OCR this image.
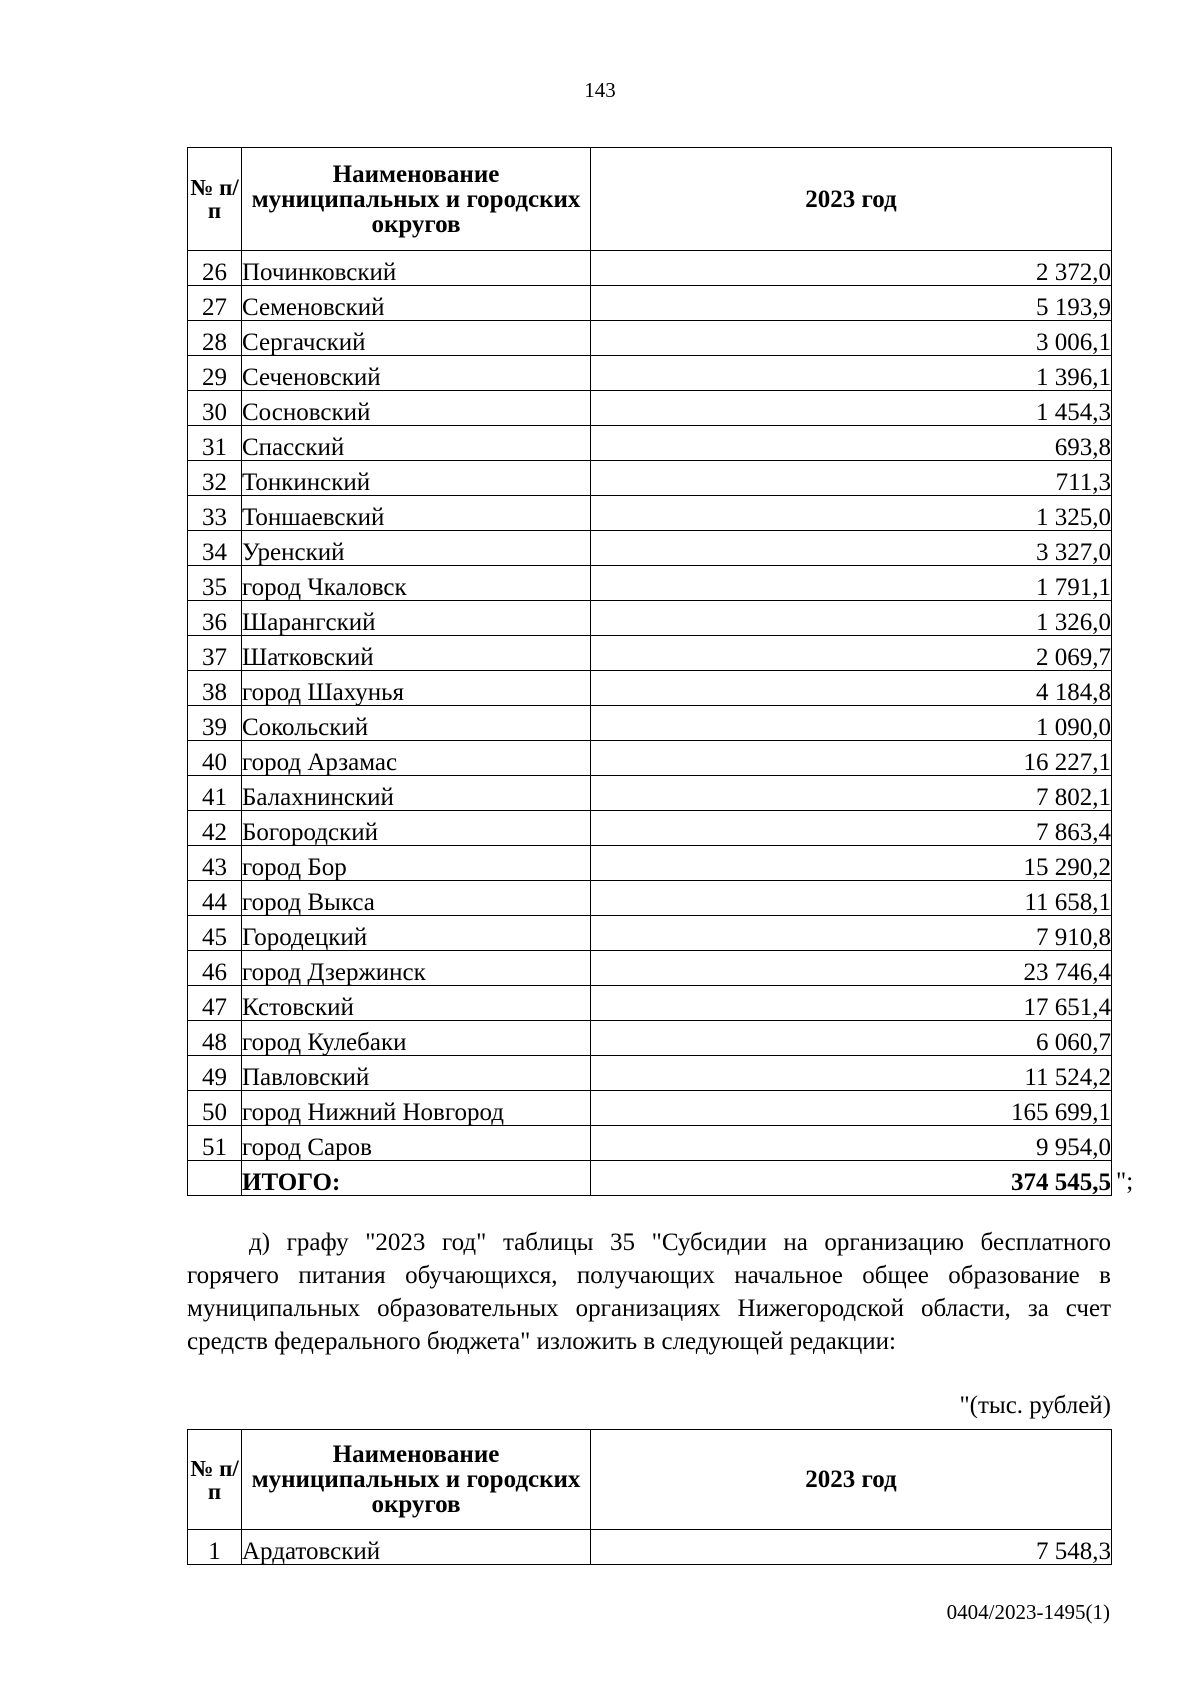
143
№ п/п	Наименование муниципальных и городских округов	2023 год
26	Починковский	2 372,0
27	Семеновский	5 193,9
28	Сергачский	3 006,1
29	Сеченовский	1 396,1
30	Сосновский	1 454,3
31	Спасский	693,8
32	Тонкинский	711,3
33	Тоншаевский	1 325,0
34	Уренский	3 327,0
35	город Чкаловск	1 791,1
36	Шарангский	1 326,0
37	Шатковский	2 069,7
38	город Шахунья	4 184,8
39	Сокольский	1 090,0
40	город Арзамас	16 227,1
41	Балахнинский	7 802,1
42	Богородский	7 863,4
43	город Бор	15 290,2
44	город Выкса	11 658,1
45	Городецкий	7 910,8
46	город Дзержинск	23 746,4
47	Кстовский	17 651,4
48	город Кулебаки	6 060,7
49	Павловский	11 524,2
50	город Нижний Новгород	165 699,1
51	город Саров	9 954,0
	ИТОГО:	374 545,5 ";
д) графу "2023 год" таблицы 35 "Субсидии на организацию бесплатного горячего питания обучающихся, получающих начальное общее образование в муниципальных образовательных организациях Нижегородской области, за счет средств федерального бюджета" изложить в следующей редакции:
"(тыс. рублей)
№ п/п	Наименование муниципальных и городских округов	2023 год
1	Ардатовский	7 548,3
0404/2023-1495(1)
